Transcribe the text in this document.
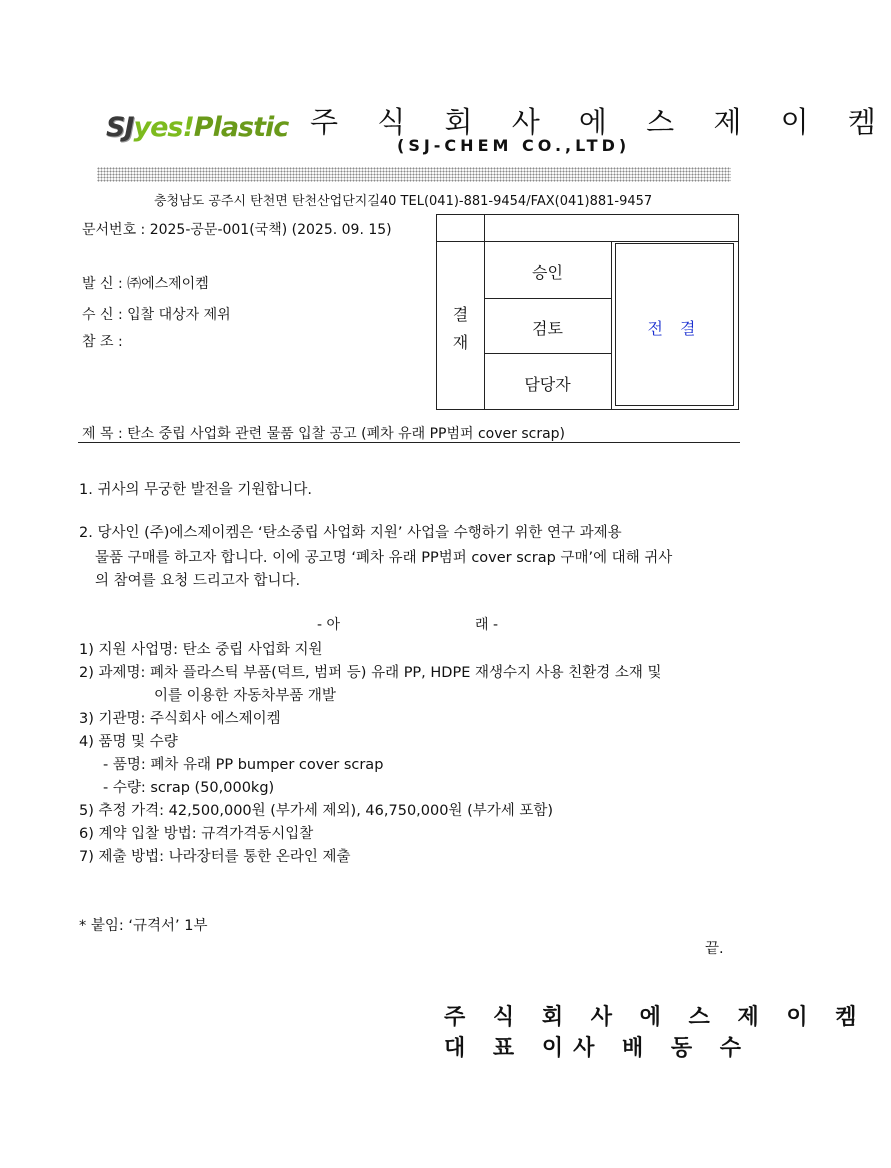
SJyes!Plastic 주 식 회 사 에 스 제 이 켐
(SJ-CHEM CO.,LTD)
충청남도 공주시 탄천면 탄천산업단지길40 TEL(041)-881-9454/FAX(041)881-9457
문서번호 : 2025-공문-001(국책) (2025. 09. 15)
발 신 : ㈜에스제이켐
수 신 : 입찰 대상자 제위
참 조 :
결
재
승인
검토
담당자
전 결
제 목 : 탄소 중립 사업화 관련 물품 입찰 공고 (폐차 유래 PP범퍼 cover scrap)
1. 귀사의 무궁한 발전을 기원합니다.
2. 당사인 (주)에스제이켐은 ‘탄소중립 사업화 지원’ 사업을 수행하기 위한 연구 과제용
물품 구매를 하고자 합니다. 이에 공고명 ‘폐차 유래 PP범퍼 cover scrap 구매’에 대해 귀사
의 참여를 요청 드리고자 합니다.
- 아	래 -
1) 지원 사업명: 탄소 중립 사업화 지원
2) 과제명: 폐차 플라스틱 부품(덕트, 범퍼 등) 유래 PP, HDPE 재생수지 사용 친환경 소재 및
이를 이용한 자동차부품 개발
3) 기관명: 주식회사 에스제이켐
4) 품명 및 수량
- 품명: 폐차 유래 PP bumper cover scrap
- 수량: scrap (50,000kg)
5) 추정 가격: 42,500,000원 (부가세 제외), 46,750,000원 (부가세 포함)
6) 계약 입찰 방법: 규격가격동시입찰
7) 제출 방법: 나라장터를 통한 온라인 제출
* 붙임: ‘규격서’ 1부
끝.
주 식 회 사 에 스 제 이 켐
대 표 이사 배 동 수
